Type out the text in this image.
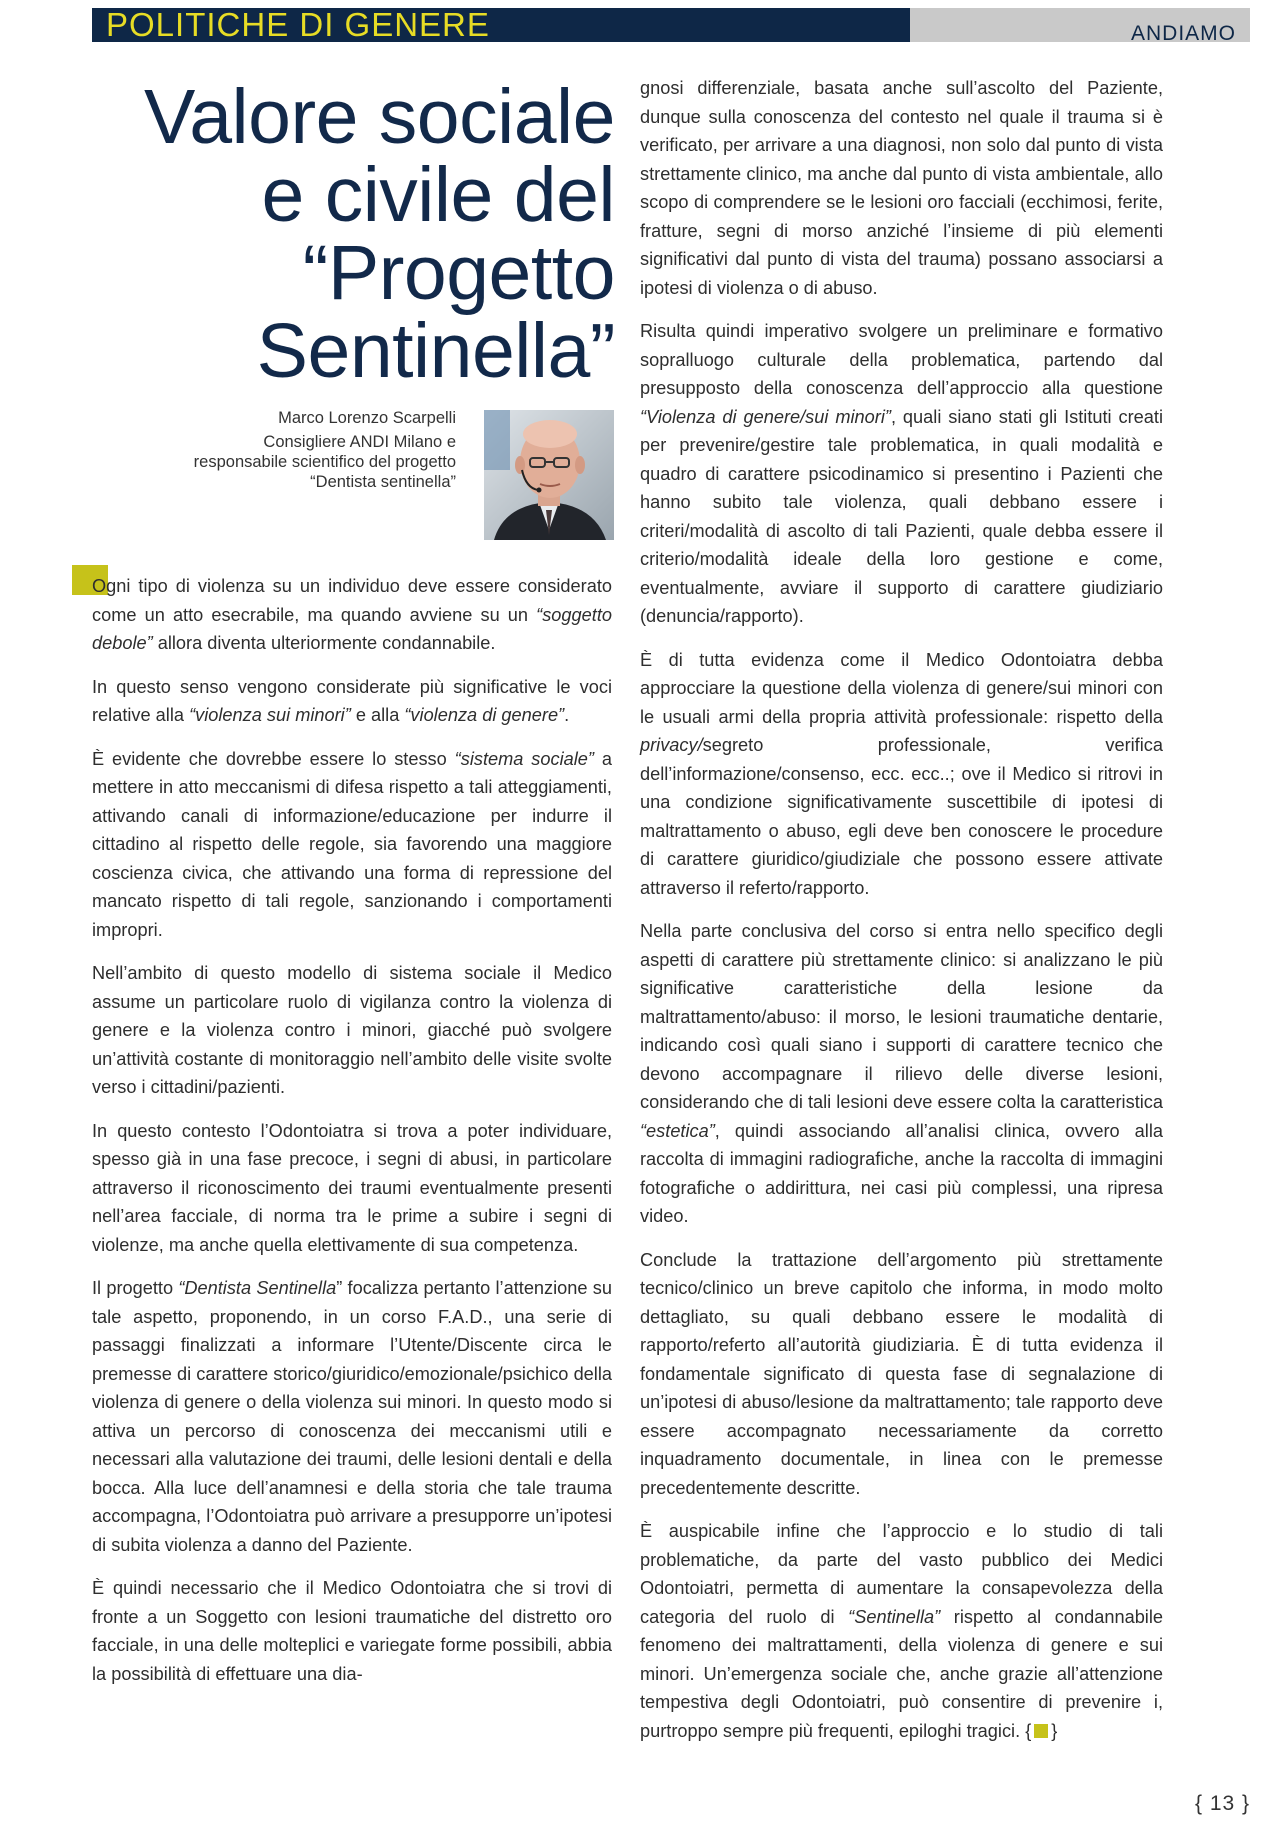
POLITICHE DI GENERE	ANDIAMO
Valore sociale
e civile del
“Progetto
Sentinella”
Marco Lorenzo Scarpelli
Consigliere ANDI Milano e
responsabile scientifico del progetto
“Dentista sentinella”

Ogni tipo di violenza su un individuo deve essere considerato come un atto esecrabile, ma quando avviene su un “soggetto debole” allora diventa ulteriormente condannabile.

In questo senso vengono considerate più significative le voci relative alla “violenza sui minori” e alla “violenza di genere”.

È evidente che dovrebbe essere lo stesso “sistema sociale” a mettere in atto meccanismi di difesa rispetto a tali atteggiamenti, attivando canali di informazione/educazione per indurre il cittadino al rispetto delle regole, sia favorendo una maggiore coscienza civica, che attivando una forma di repressione del mancato rispetto di tali regole, sanzionando i comportamenti impropri.

Nell’ambito di questo modello di sistema sociale il Medico assume un particolare ruolo di vigilanza contro la violenza di genere e la violenza contro i minori, giacché può svolgere un’attività costante di monitoraggio nell’ambito delle visite svolte verso i cittadini/pazienti.

In questo contesto l’Odontoiatra si trova a poter individuare, spesso già in una fase precoce, i segni di abusi, in particolare attraverso il riconoscimento dei traumi eventualmente presenti nell’area facciale, di norma tra le prime a subire i segni di violenze, ma anche quella elettivamente di sua competenza.

Il progetto “Dentista Sentinella” focalizza pertanto l’attenzione su tale aspetto, proponendo, in un corso F.A.D., una serie di passaggi finalizzati a informare l’Utente/Discente circa le premesse di carattere storico/giuridico/emozionale/psichico della violenza di genere o della violenza sui minori. In questo modo si attiva un percorso di conoscenza dei meccanismi utili e necessari alla valutazione dei traumi, delle lesioni dentali e della bocca. Alla luce dell’anamnesi e della storia che tale trauma accompagna, l’Odontoiatra può arrivare a presupporre un’ipotesi di subita violenza a danno del Paziente.

È quindi necessario che il Medico Odontoiatra che si trovi di fronte a un Soggetto con lesioni traumatiche del distretto oro facciale, in una delle molteplici e variegate forme possibili, abbia la possibilità di effettuare una dia-

gnosi differenziale, basata anche sull’ascolto del Paziente, dunque sulla conoscenza del contesto nel quale il trauma si è verificato, per arrivare a una diagnosi, non solo dal punto di vista strettamente clinico, ma anche dal punto di vista ambientale, allo scopo di comprendere se le lesioni oro facciali (ecchimosi, ferite, fratture, segni di morso anziché l’insieme di più elementi significativi dal punto di vista del trauma) possano associarsi a ipotesi di violenza o di abuso.

Risulta quindi imperativo svolgere un preliminare e formativo sopralluogo culturale della problematica, partendo dal presupposto della conoscenza dell’approccio alla questione “Violenza di genere/sui minori”, quali siano stati gli Istituti creati per prevenire/gestire tale problematica, in quali modalità e quadro di carattere psicodinamico si presentino i Pazienti che hanno subito tale violenza, quali debbano essere i criteri/modalità di ascolto di tali Pazienti, quale debba essere il criterio/modalità ideale della loro gestione e come, eventualmente, avviare il supporto di carattere giudiziario (denuncia/rapporto).

È di tutta evidenza come il Medico Odontoiatra debba approcciare la questione della violenza di genere/sui minori con le usuali armi della propria attività professionale: rispetto della privacy/segreto professionale, verifica dell’informazione/consenso, ecc. ecc..; ove il Medico si ritrovi in una condizione significativamente suscettibile di ipotesi di maltrattamento o abuso, egli deve ben conoscere le procedure di carattere giuridico/giudiziale che possono essere attivate attraverso il referto/rapporto.

Nella parte conclusiva del corso si entra nello specifico degli aspetti di carattere più strettamente clinico: si analizzano le più significative caratteristiche della lesione da maltrattamento/abuso: il morso, le lesioni traumatiche dentarie, indicando così quali siano i supporti di carattere tecnico che devono accompagnare il rilievo delle diverse lesioni, considerando che di tali lesioni deve essere colta la caratteristica “estetica”, quindi associando all’analisi clinica, ovvero alla raccolta di immagini radiografiche, anche la raccolta di immagini fotografiche o addirittura, nei casi più complessi, una ripresa video.

Conclude la trattazione dell’argomento più strettamente tecnico/clinico un breve capitolo che informa, in modo molto dettagliato, su quali debbano essere le modalità di rapporto/referto all’autorità giudiziaria. È di tutta evidenza il fondamentale significato di questa fase di segnalazione di un’ipotesi di abuso/lesione da maltrattamento; tale rapporto deve essere accompagnato necessariamente da corretto inquadramento documentale, in linea con le premesse precedentemente descritte.

È auspicabile infine che l’approccio e lo studio di tali problematiche, da parte del vasto pubblico dei Medici Odontoiatri, permetta di aumentare la consapevolezza della categoria del ruolo di “Sentinella” rispetto al condannabile fenomeno dei maltrattamenti, della violenza di genere e sui minori. Un’emergenza sociale che, anche grazie all’attenzione tempestiva degli Odontoiatri, può consentire di prevenire i, purtroppo sempre più frequenti, epiloghi tragici. { }

{ 13 }
